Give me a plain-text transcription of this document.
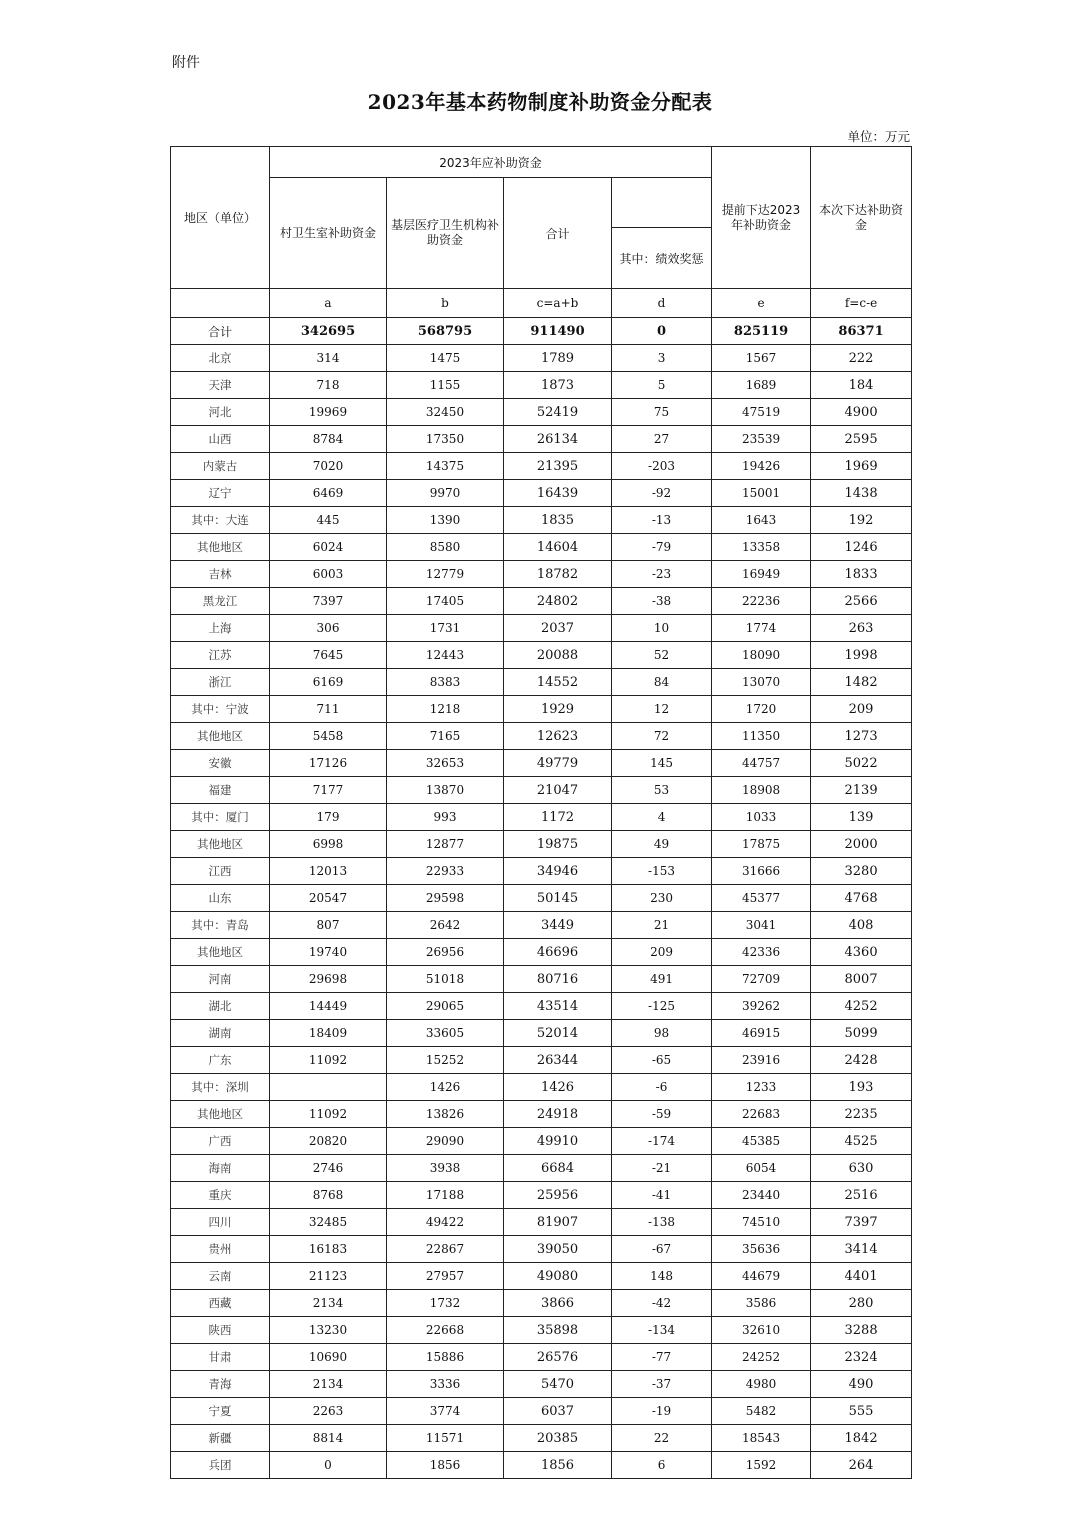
附件
2023年基本药物制度补助资金分配表
单位：万元
地区（单位）	2023年应补助资金				提前下达2023年补助资金	本次下达补助资金
	村卫生室补助资金	基层医疗卫生机构补助资金	合计			
				其中：绩效奖惩		

	a	b	c=a+b	d	e	f=c-e
合计	342695	568795	911490	0	825119	86371
北京	314	1475	1789	3	1567	222
天津	718	1155	1873	5	1689	184
河北	19969	32450	52419	75	47519	4900
山西	8784	17350	26134	27	23539	2595
内蒙古	7020	14375	21395	-203	19426	1969
辽宁	6469	9970	16439	-92	15001	1438
其中：大连	445	1390	1835	-13	1643	192
其他地区	6024	8580	14604	-79	13358	1246
吉林	6003	12779	18782	-23	16949	1833
黑龙江	7397	17405	24802	-38	22236	2566
上海	306	1731	2037	10	1774	263
江苏	7645	12443	20088	52	18090	1998
浙江	6169	8383	14552	84	13070	1482
其中：宁波	711	1218	1929	12	1720	209
其他地区	5458	7165	12623	72	11350	1273
安徽	17126	32653	49779	145	44757	5022
福建	7177	13870	21047	53	18908	2139
其中：厦门	179	993	1172	4	1033	139
其他地区	6998	12877	19875	49	17875	2000
江西	12013	22933	34946	-153	31666	3280
山东	20547	29598	50145	230	45377	4768
其中：青岛	807	2642	3449	21	3041	408
其他地区	19740	26956	46696	209	42336	4360
河南	29698	51018	80716	491	72709	8007
湖北	14449	29065	43514	-125	39262	4252
湖南	18409	33605	52014	98	46915	5099
广东	11092	15252	26344	-65	23916	2428
其中：深圳		1426	1426	-6	1233	193
其他地区	11092	13826	24918	-59	22683	2235
广西	20820	29090	49910	-174	45385	4525
海南	2746	3938	6684	-21	6054	630
重庆	8768	17188	25956	-41	23440	2516
四川	32485	49422	81907	-138	74510	7397
贵州	16183	22867	39050	-67	35636	3414
云南	21123	27957	49080	148	44679	4401
西藏	2134	1732	3866	-42	3586	280
陕西	13230	22668	35898	-134	32610	3288
甘肃	10690	15886	26576	-77	24252	2324
青海	2134	3336	5470	-37	4980	490
宁夏	2263	3774	6037	-19	5482	555
新疆	8814	11571	20385	22	18543	1842
兵团	0	1856	1856	6	1592	264
